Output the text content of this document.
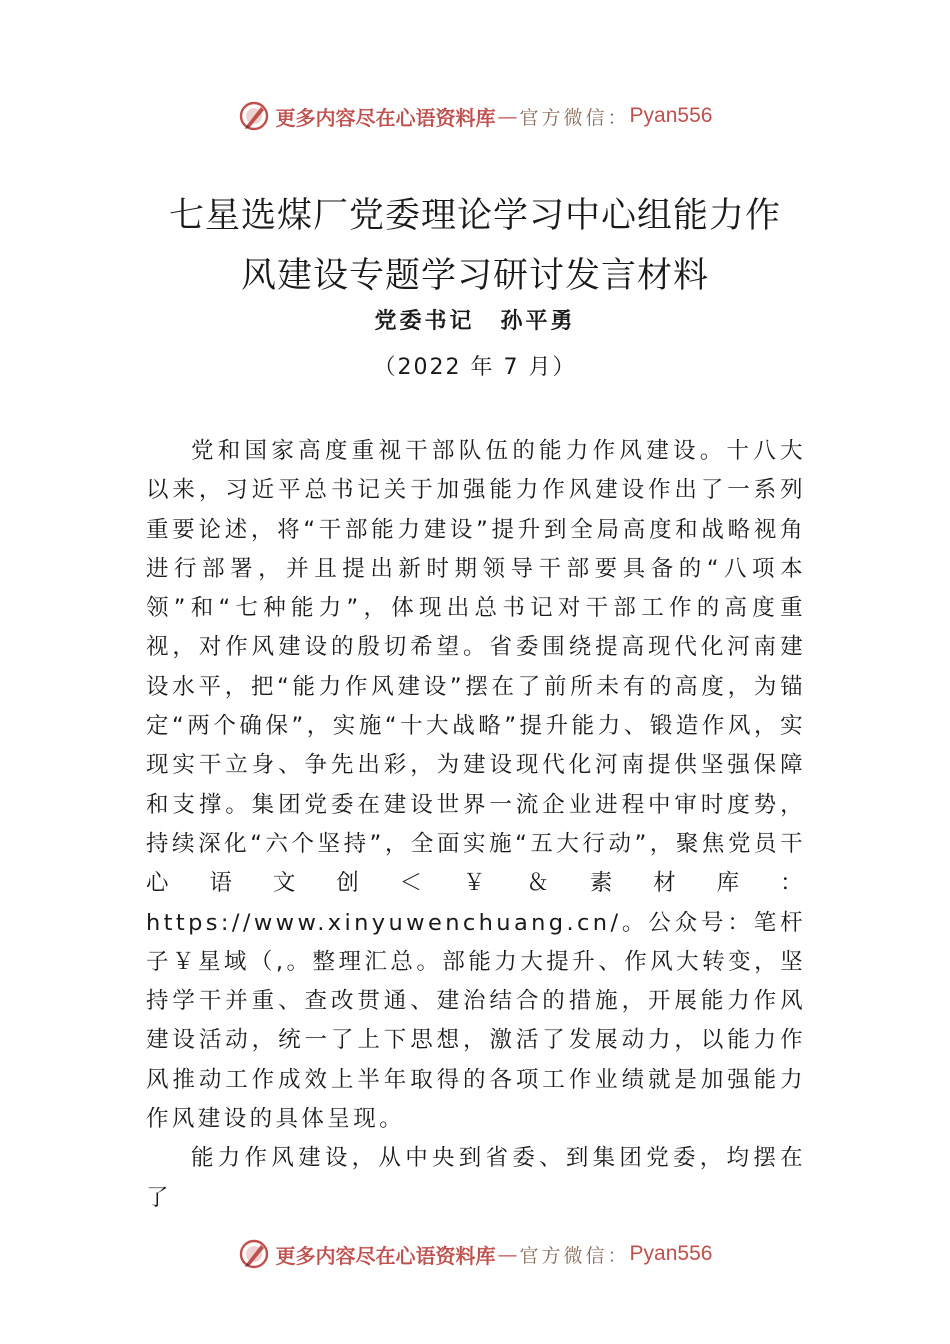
更多内容尽在心语资料库 — 官方微信： Pyan556
七星选煤厂党委理论学习中心组能力作
风建设专题学习研讨发言材料
党委书记 孙平勇
（2022 年 7 月）

党和国家高度重视干部队伍的能力作风建设。十八大以来，习近平总书记关于加强能力作风建设作出了一系列重要论述，将“干部能力建设”提升到全局高度和战略视角进行部署，并且提出新时期领导干部要具备的“八项本领”和“七种能力”，体现出总书记对干部工作的高度重视，对作风建设的殷切希望。省委围绕提高现代化河南建设水平，把“能力作风建设”摆在了前所未有的高度，为锚定“两个确保”，实施“十大战略”提升能力、锻造作风，实现实干立身、争先出彩，为建设现代化河南提供坚强保障和支撑。集团党委在建设世界一流企业进程中审时度势，持续深化“六个坚持”，全面实施“五大行动”，聚焦党员干心语文创＜￥＆素材库：https://www.xinyuwenchuang.cn/。公众号：笔杆子￥星域（,。整理汇总。部能力大提升、作风大转变，坚持学干并重、查改贯通、建治结合的措施，开展能力作风建设活动，统一了上下思想，激活了发展动力，以能力作风推动工作成效上半年取得的各项工作业绩就是加强能力作风建设的具体呈现。

能力作风建设，从中央到省委、到集团党委，均摆在了

更多内容尽在心语资料库 — 官方微信： Pyan556
